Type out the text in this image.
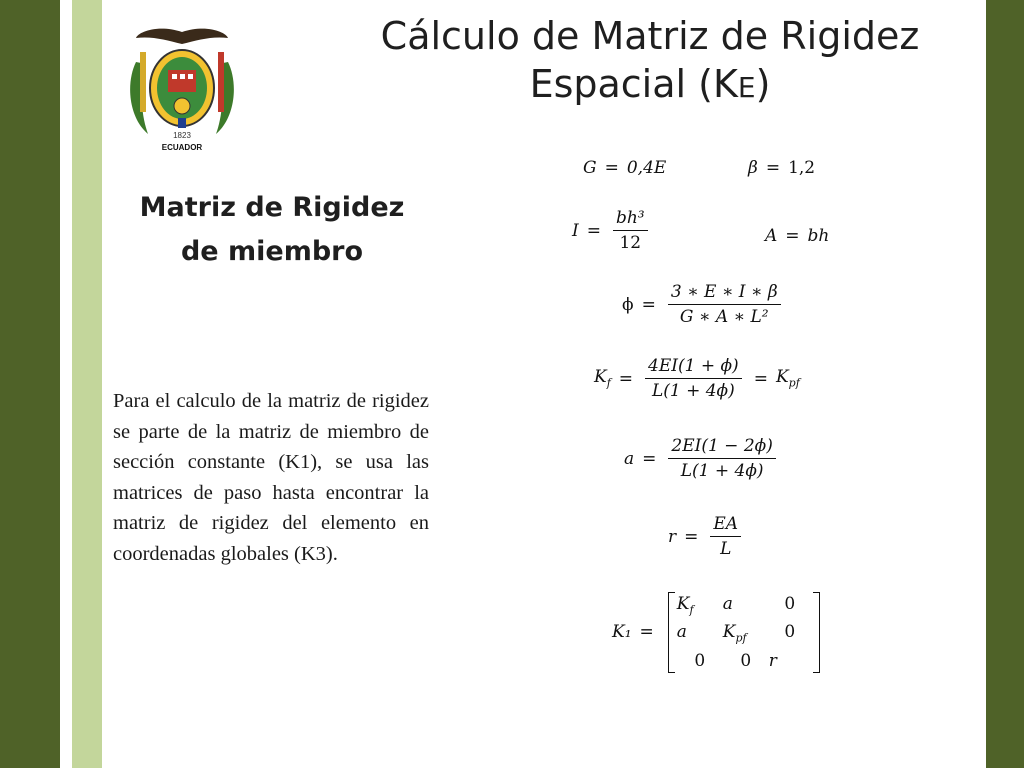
1823
ECUADOR
Cálculo de Matriz de Rigidez
Espacial (KE)
Matriz de Rigidez
de miembro
Para el calculo de la matriz de rigidez se parte de la matriz de miembro de sección constante (K1), se usa las matrices de paso hasta encontrar la matriz de rigidez del elemento en coordenadas globales (K3).
G = 0,4E	β = 1,2
$I = \frac{\text{bh³}}{12}$	A = bh
$\phi = \frac{3 ∗ E ∗ I ∗ \beta}{\text{G ∗ A ∗ L²}}$
$K_f = \frac{4EI(1 + \phi)}{L(1 + 4\phi)} = K_{pf}$
$a = \frac{2EI(1 - 2\phi)}{L(1 + 4\phi)}$
$r = \frac{EA}{L}$
K₁ =
$K_f$	a	0
a	$K_{pf}$	0
0	0	r
